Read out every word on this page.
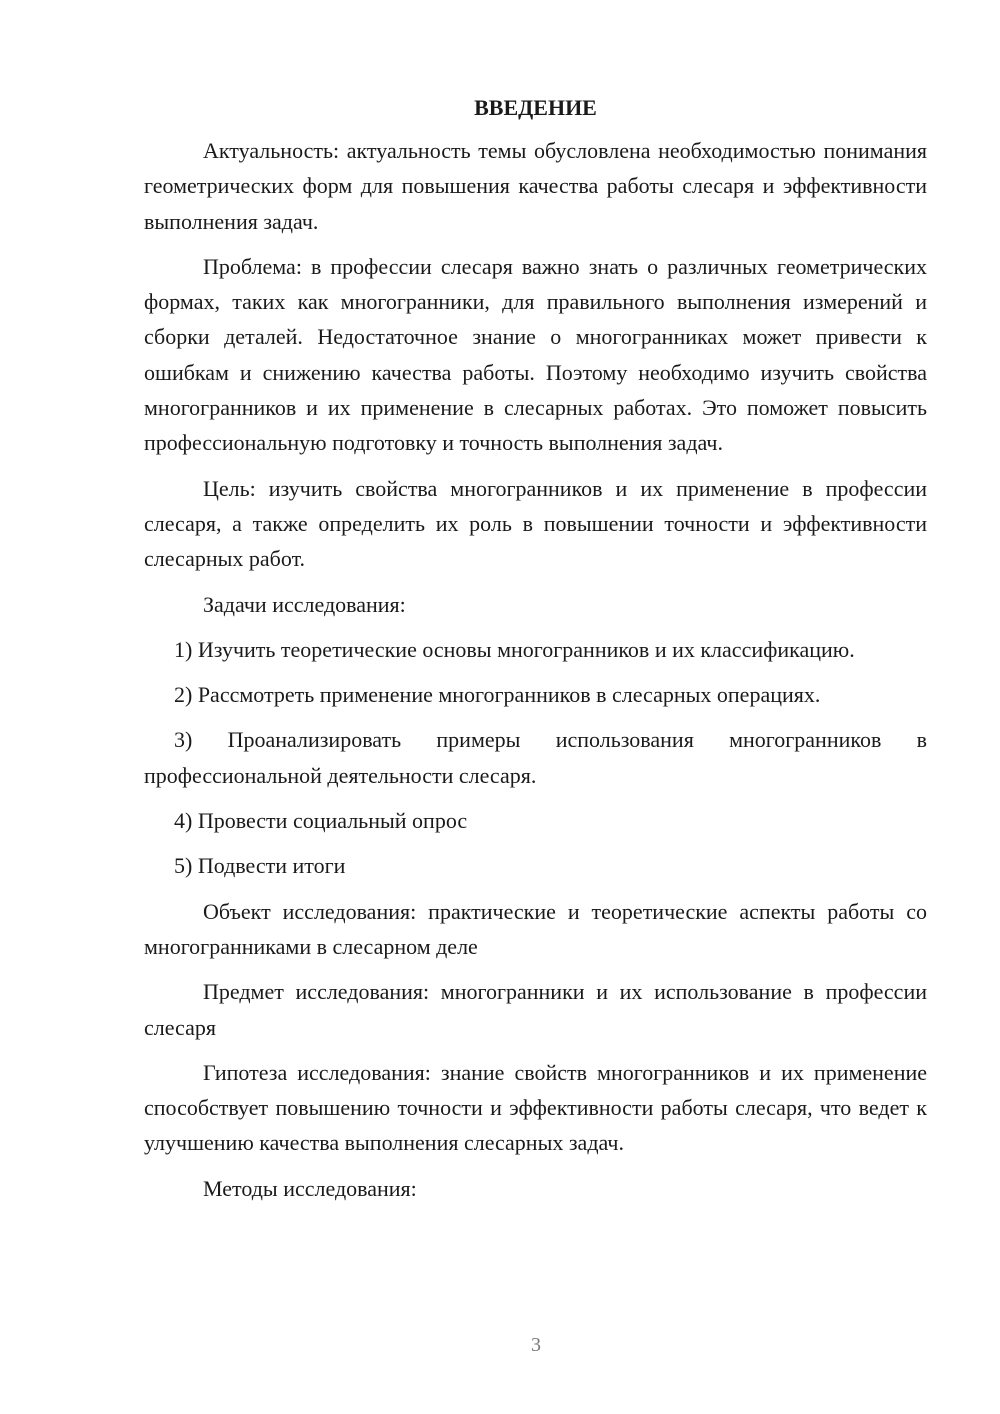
ВВЕДЕНИЕ

Актуальность: актуальность темы обусловлена необходимостью понимания геометрических форм для повышения качества работы слесаря и эффективности выполнения задач.

Проблема: в профессии слесаря важно знать о различных геометрических формах, таких как многогранники, для правильного выполнения измерений и сборки деталей. Недостаточное знание о многогранниках может привести к ошибкам и снижению качества работы. Поэтому необходимо изучить свойства многогранников и их применение в слесарных работах. Это поможет повысить профессиональную подготовку и точность выполнения задач.

Цель: изучить свойства многогранников и их применение в профессии слесаря, а также определить их роль в повышении точности и эффективности слесарных работ.

Задачи исследования:

1) Изучить теоретические основы многогранников и их классификацию.

2) Рассмотреть применение многогранников в слесарных операциях.

3) Проанализировать примеры использования многогранников в профессиональной деятельности слесаря.

4) Провести социальный опрос

5) Подвести итоги

Объект исследования: практические и теоретические аспекты работы со многогранниками в слесарном деле

Предмет исследования: многогранники и их использование в профессии слесаря

Гипотеза исследования: знание свойств многогранников и их применение способствует повышению точности и эффективности работы слесаря, что ведет к улучшению качества выполнения слесарных задач.

Методы исследования:

3
